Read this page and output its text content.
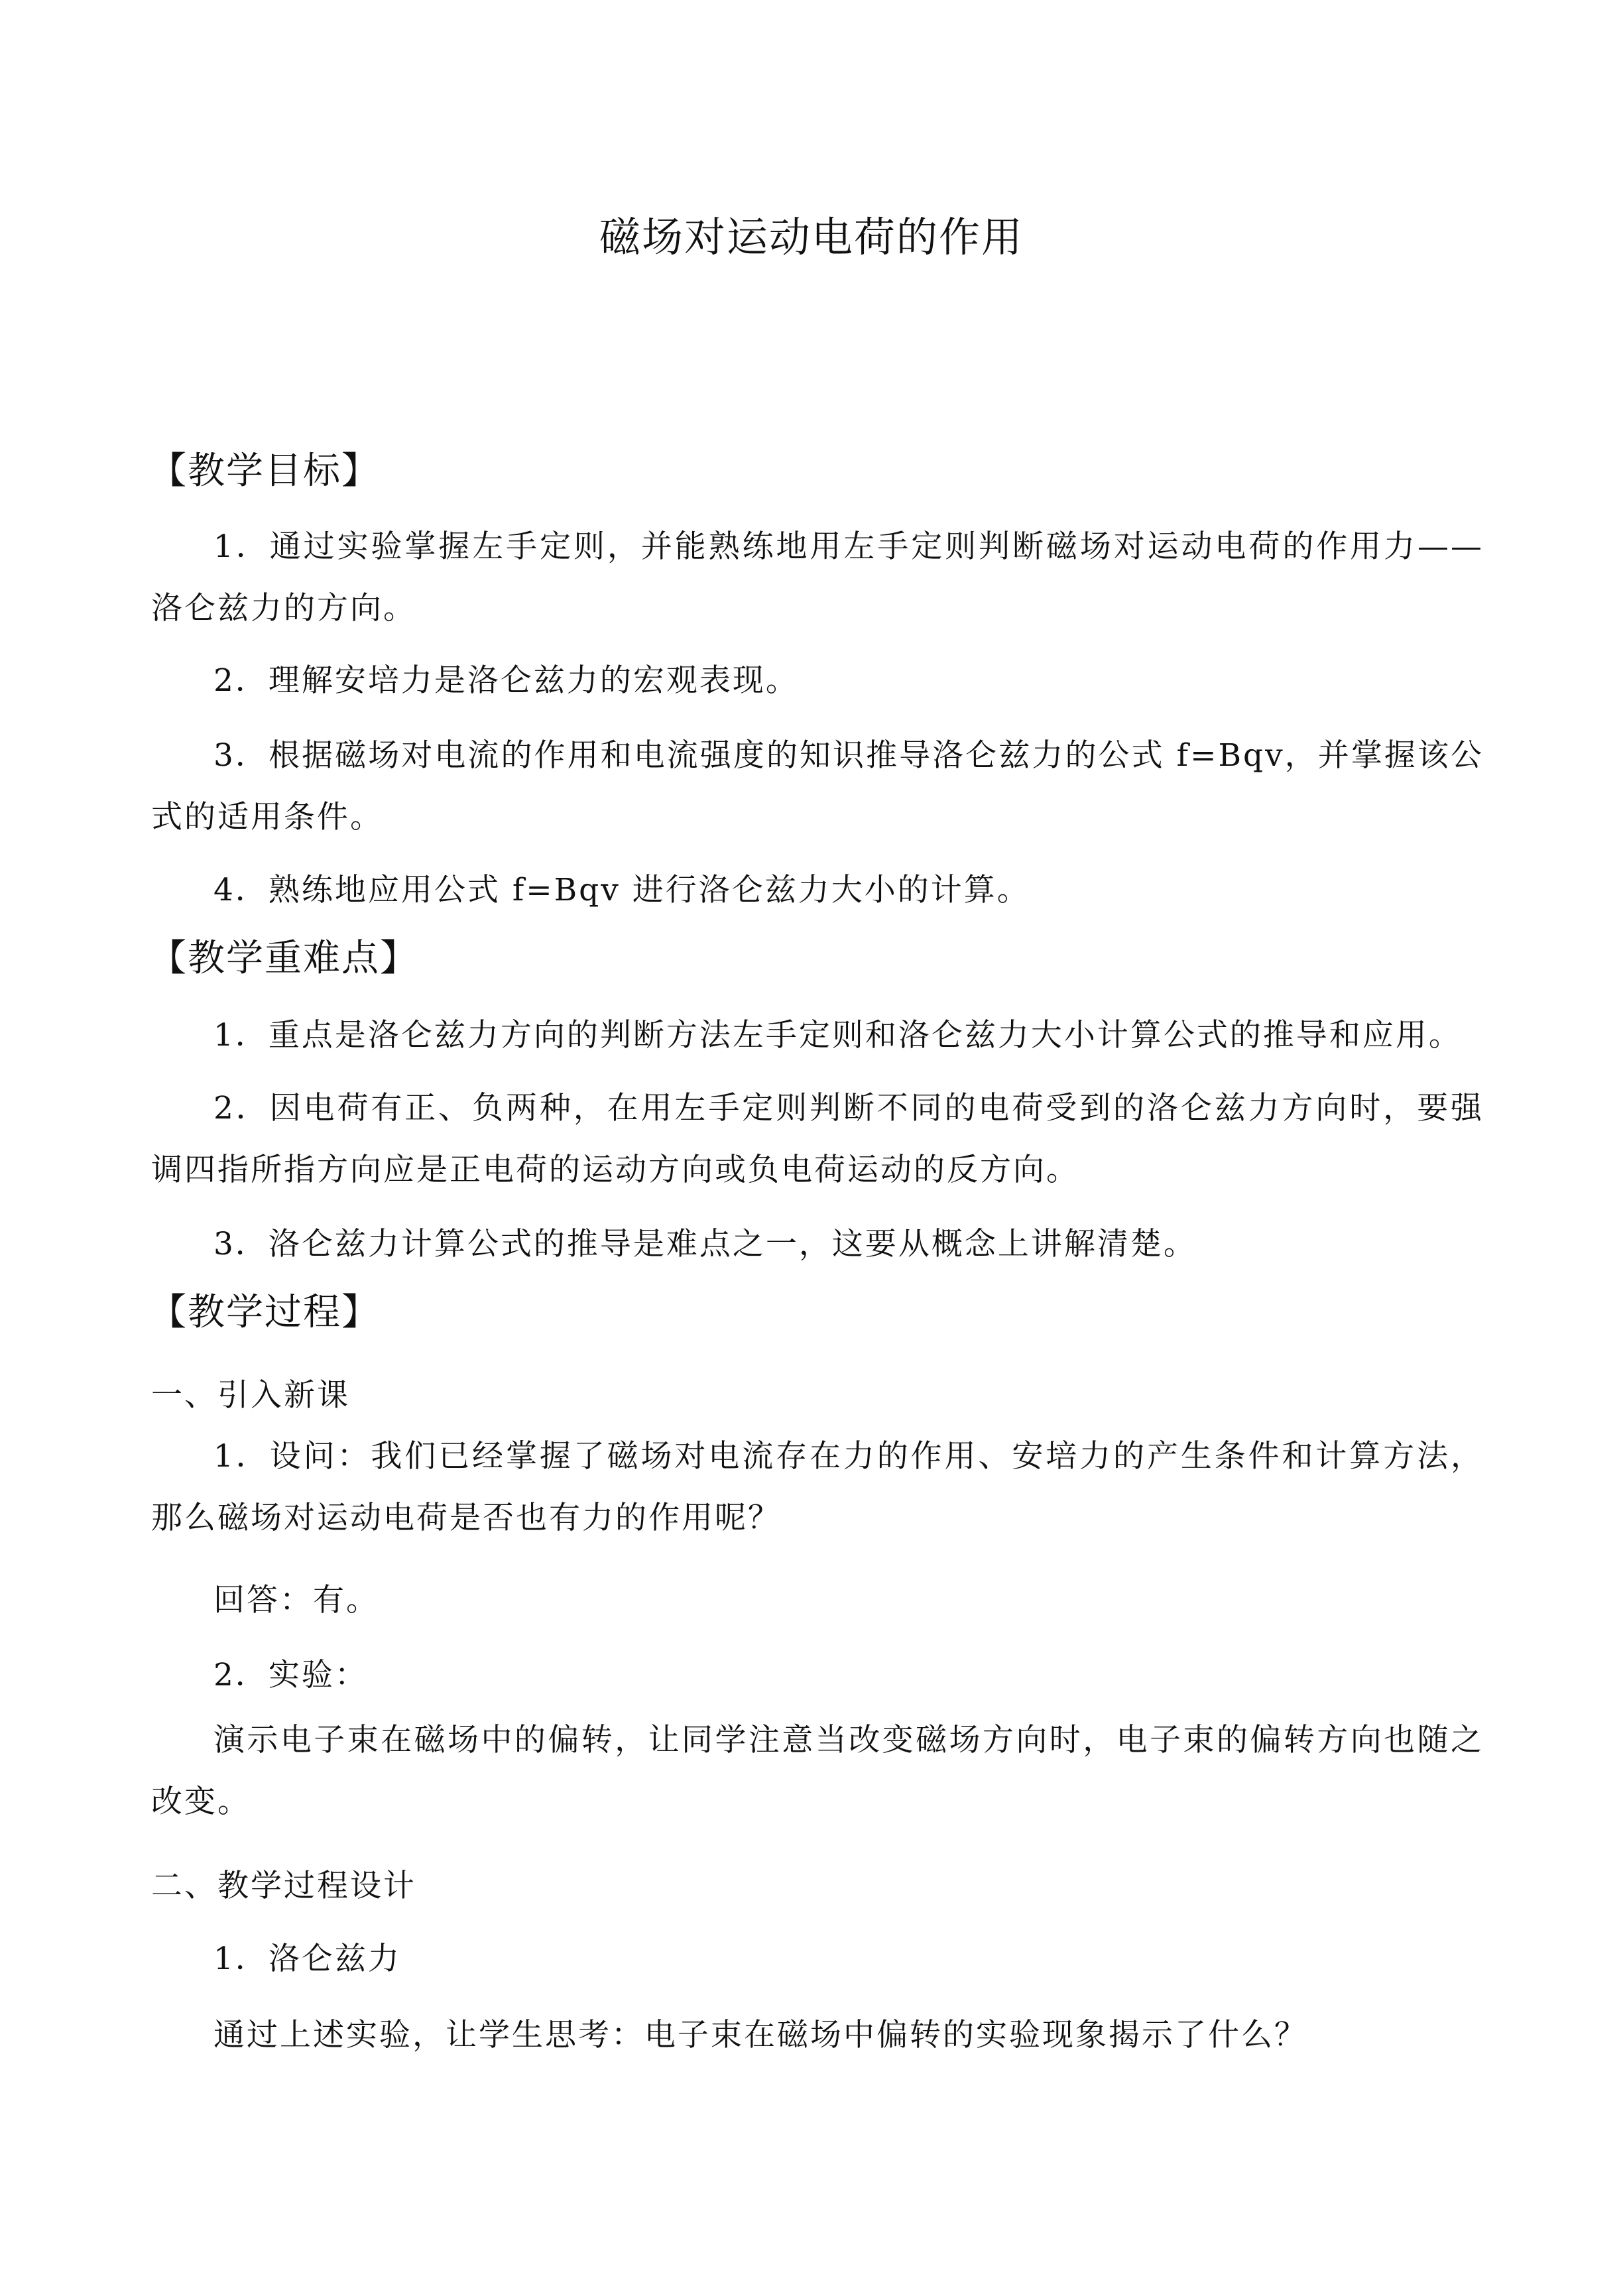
磁场对运动电荷的作用
【教学目标】
1．通过实验掌握左手定则，并能熟练地用左手定则判断磁场对运动电荷的作用力——洛仑兹力的方向。
2．理解安培力是洛仑兹力的宏观表现。
3．根据磁场对电流的作用和电流强度的知识推导洛仑兹力的公式 f=Bqv，并掌握该公式的适用条件。
4．熟练地应用公式 f=Bqv 进行洛仑兹力大小的计算。
【教学重难点】
1．重点是洛仑兹力方向的判断方法左手定则和洛仑兹力大小计算公式的推导和应用。
2．因电荷有正、负两种，在用左手定则判断不同的电荷受到的洛仑兹力方向时，要强调四指所指方向应是正电荷的运动方向或负电荷运动的反方向。
3．洛仑兹力计算公式的推导是难点之一，这要从概念上讲解清楚。
【教学过程】
一、引入新课
1．设问：我们已经掌握了磁场对电流存在力的作用、安培力的产生条件和计算方法，那么磁场对运动电荷是否也有力的作用呢？
回答：有。
2．实验：
演示电子束在磁场中的偏转，让同学注意当改变磁场方向时，电子束的偏转方向也随之改变。
二、教学过程设计
1．洛仑兹力
通过上述实验，让学生思考：电子束在磁场中偏转的实验现象揭示了什么？
